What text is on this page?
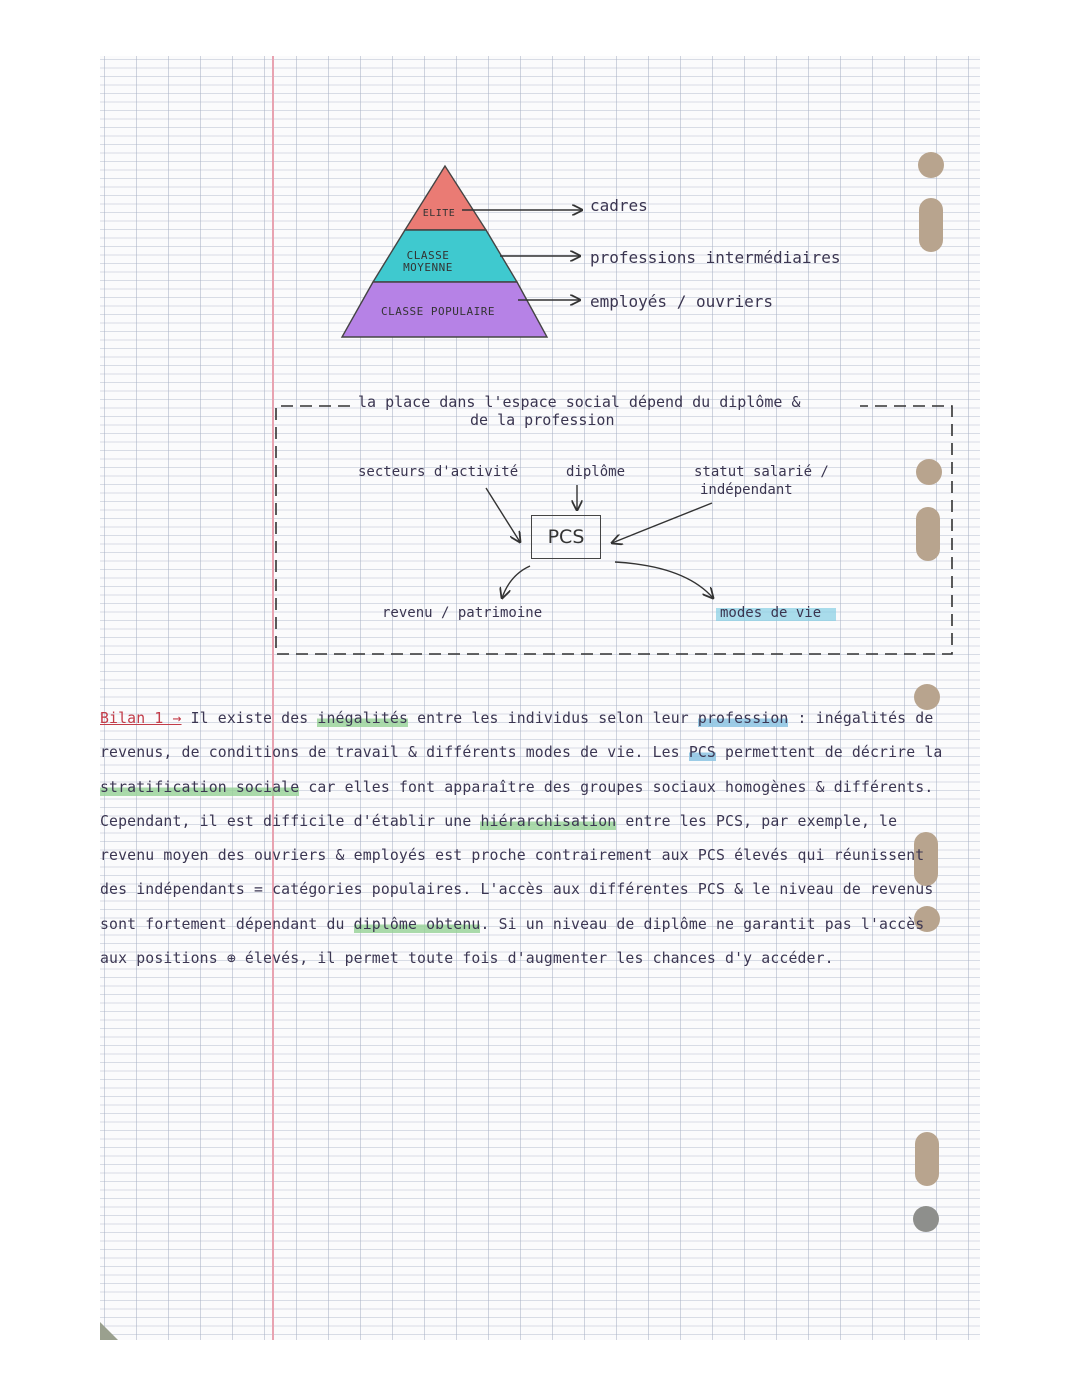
ELITE
CLASSE MOYENNE
CLASSE POPULAIRE
cadres
professions intermédiaires
employés / ouvriers
la place dans l'espace social dépend du diplôme &
de la profession
secteurs d'activité	diplôme	statut salarié /
indépendant
PCS
revenu / patrimoine	modes de vie
Bilan 1 → Il existe des inégalités entre les individus selon leur profession : inégalités de revenus, de conditions de travail & différents modes de vie. Les PCS permettent de décrire la stratification sociale car elles font apparaître des groupes sociaux homogènes & différents. Cependant, il est difficile d'établir une hiérarchisation entre les PCS, par exemple, le revenu moyen des ouvriers & employés est proche contrairement aux PCS élevés qui réunissent des indépendants = catégories populaires. L'accès aux différentes PCS & le niveau de revenus sont fortement dépendant du diplôme obtenu. Si un niveau de diplôme ne garantit pas l'accès aux positions ⊕ élevés, il permet toute fois d'augmenter les chances d'y accéder.
